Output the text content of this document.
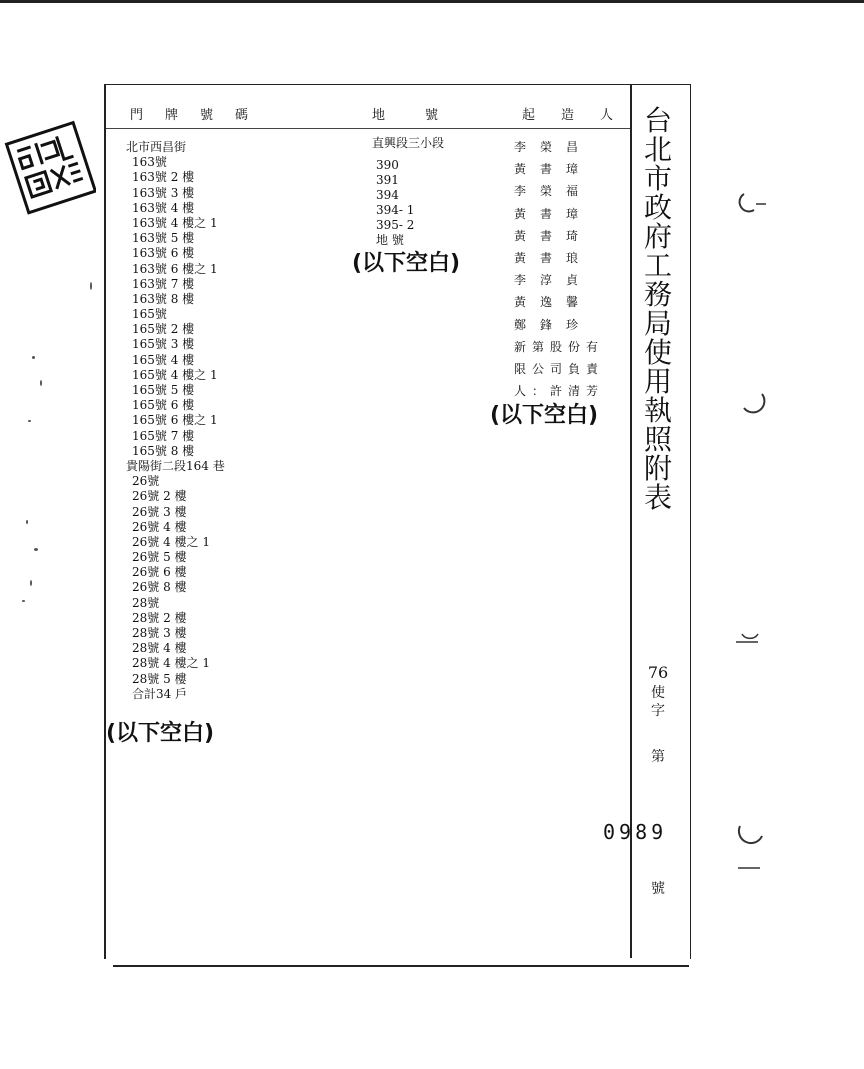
門牌號碼	地號	起造人
北市西昌街
163號
163號 2 樓
163號 3 樓
163號 4 樓
163號 4 樓之 1
163號 5 樓
163號 6 樓
163號 6 樓之 1
163號 7 樓
163號 8 樓
165號
165號 2 樓
165號 3 樓
165號 4 樓
165號 4 樓之 1
165號 5 樓
165號 6 樓
165號 6 樓之 1
165號 7 樓
165號 8 樓
貴陽街二段164 巷
26號
26號 2 樓
26號 3 樓
26號 4 樓
26號 4 樓之 1
26號 5 樓
26號 6 樓
26號 8 樓
28號
28號 2 樓
28號 3 樓
28號 4 樓
28號 4 樓之 1
28號 5 樓
合計34 戶
直興段三小段
390
391
394
394- 1
395- 2
地 號
李榮昌
黃書璋
李榮福
黃書璋
黃書琦
黃書琅
李淳貞
黃逸馨
鄭鋒珍
新第股份有
限公司負責
人：許清芳
(以下空白)
(以下空白)
(以下空白)
台
北
市
政
府
工
務
局
使
用
執
照
附
表
76
使
字
第
0989
號
